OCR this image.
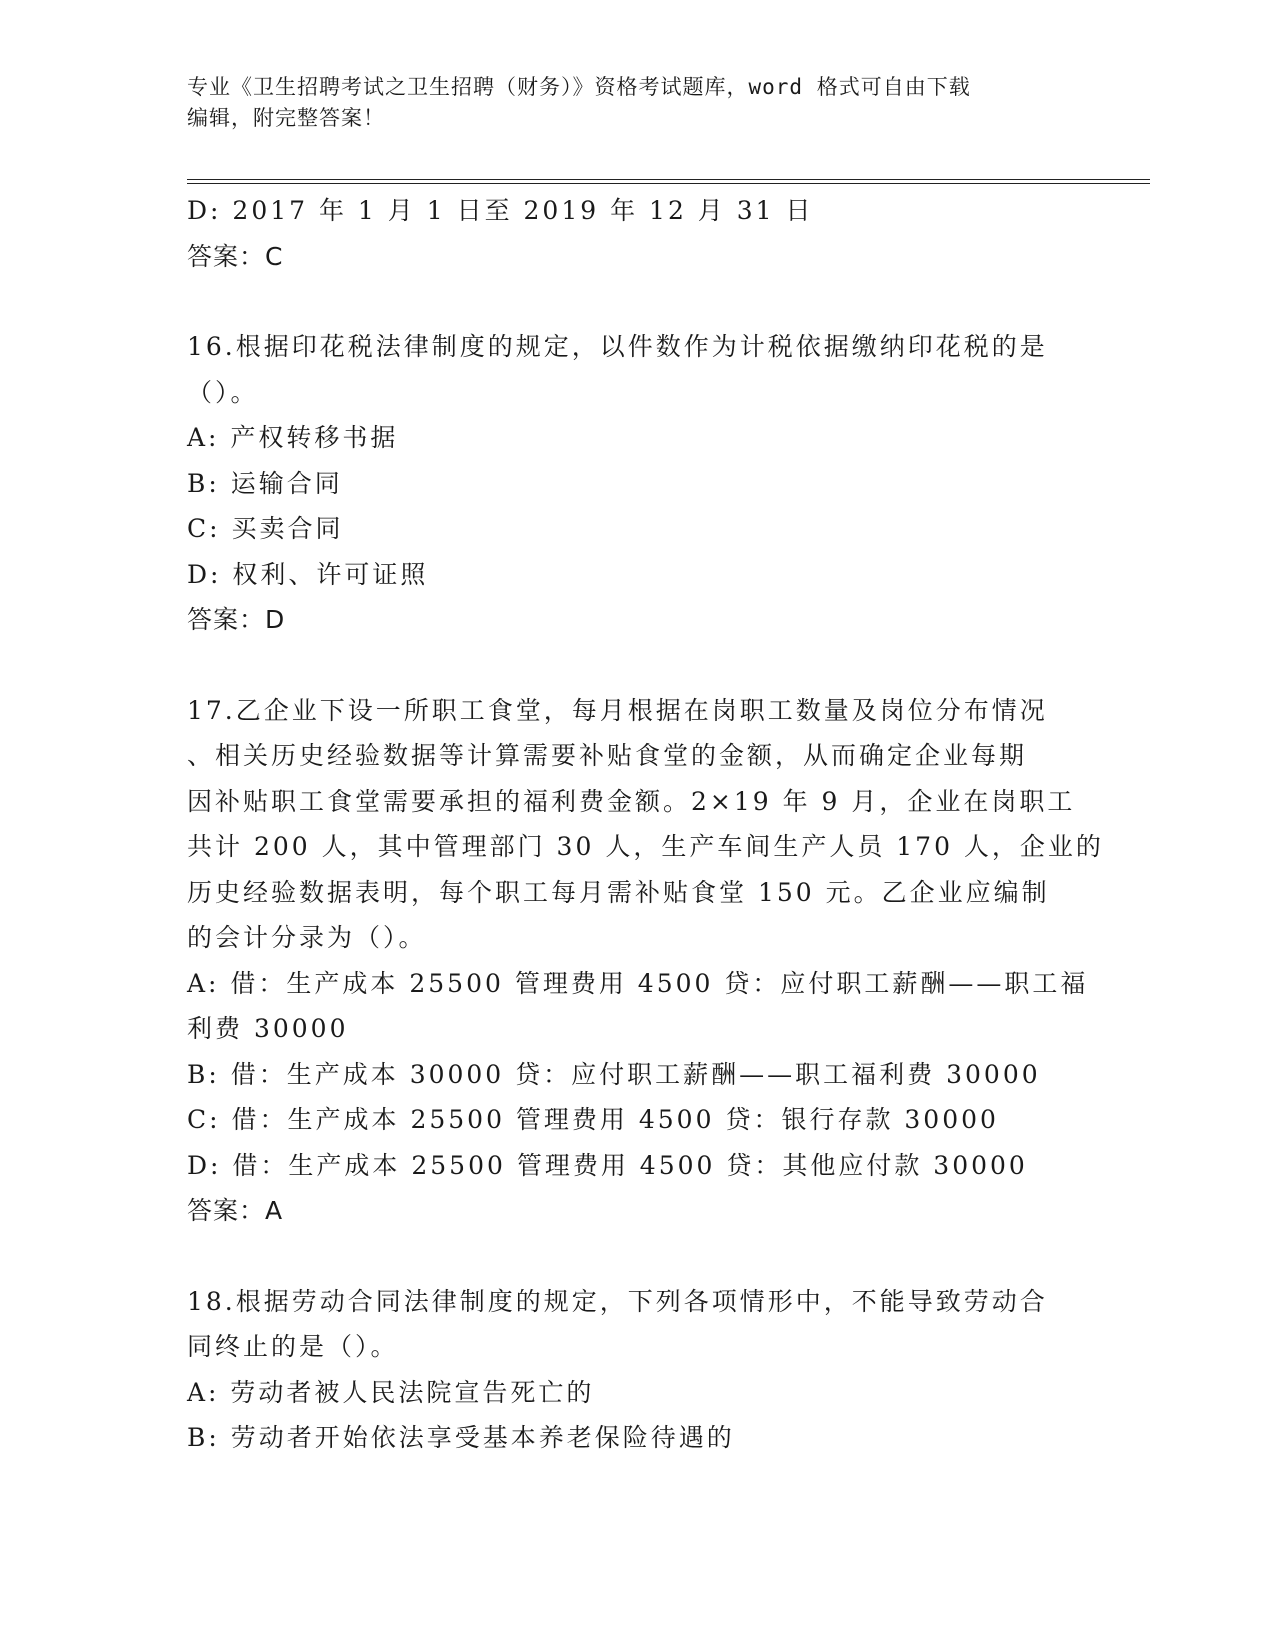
专业《卫生招聘考试之卫生招聘（财务）》资格考试题库，word 格式可自由下载
编辑，附完整答案！
D: 2017 年 1 月 1 日至 2019 年 12 月 31 日
答案：C
16.根据印花税法律制度的规定，以件数作为计税依据缴纳印花税的是
（）。
A: 产权转移书据
B: 运输合同
C: 买卖合同
D: 权利、许可证照
答案：D
17.乙企业下设一所职工食堂，每月根据在岗职工数量及岗位分布情况
、相关历史经验数据等计算需要补贴食堂的金额，从而确定企业每期
因补贴职工食堂需要承担的福利费金额。2×19 年 9 月，企业在岗职工
共计 200 人，其中管理部门 30 人，生产车间生产人员 170 人，企业的
历史经验数据表明，每个职工每月需补贴食堂 150 元。乙企业应编制
的会计分录为（）。
A: 借：生产成本 25500 管理费用 4500 贷：应付职工薪酬——职工福
利费 30000
B: 借：生产成本 30000 贷：应付职工薪酬——职工福利费 30000
C: 借：生产成本 25500 管理费用 4500 贷：银行存款 30000
D: 借：生产成本 25500 管理费用 4500 贷：其他应付款 30000
答案：A
18.根据劳动合同法律制度的规定，下列各项情形中，不能导致劳动合
同终止的是（）。
A: 劳动者被人民法院宣告死亡的
B: 劳动者开始依法享受基本养老保险待遇的
